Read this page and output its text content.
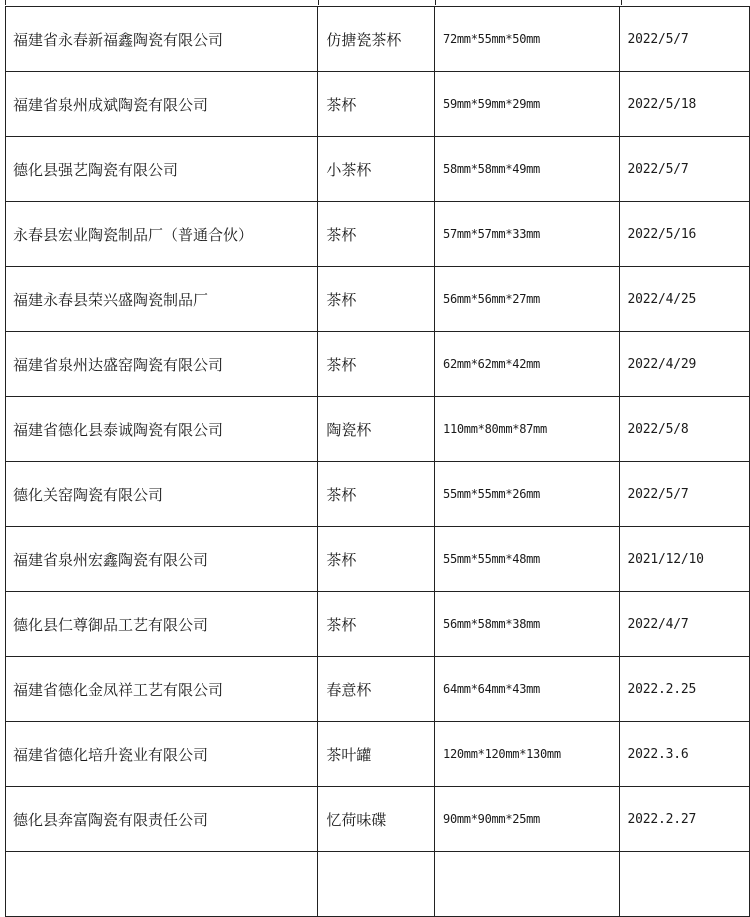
福建省永春新福鑫陶瓷有限公司	仿搪瓷茶杯	72mm*55mm*50mm	2022/5/7
福建省泉州成斌陶瓷有限公司	茶杯	59mm*59mm*29mm	2022/5/18
德化县强艺陶瓷有限公司	小茶杯	58mm*58mm*49mm	2022/5/7
永春县宏业陶瓷制品厂（普通合伙）	茶杯	57mm*57mm*33mm	2022/5/16
福建永春县荣兴盛陶瓷制品厂	茶杯	56mm*56mm*27mm	2022/4/25
福建省泉州达盛窑陶瓷有限公司	茶杯	62mm*62mm*42mm	2022/4/29
福建省德化县泰诚陶瓷有限公司	陶瓷杯	110mm*80mm*87mm	2022/5/8
德化关窑陶瓷有限公司	茶杯	55mm*55mm*26mm	2022/5/7
福建省泉州宏鑫陶瓷有限公司	茶杯	55mm*55mm*48mm	2021/12/10
德化县仁尊御品工艺有限公司	茶杯	56mm*58mm*38mm	2022/4/7
福建省德化金凤祥工艺有限公司	春意杯	64mm*64mm*43mm	2022.2.25
福建省德化培升瓷业有限公司	茶叶罐	120mm*120mm*130mm	2022.3.6
德化县奔富陶瓷有限责任公司	忆荷味碟	90mm*90mm*25mm	2022.2.27
